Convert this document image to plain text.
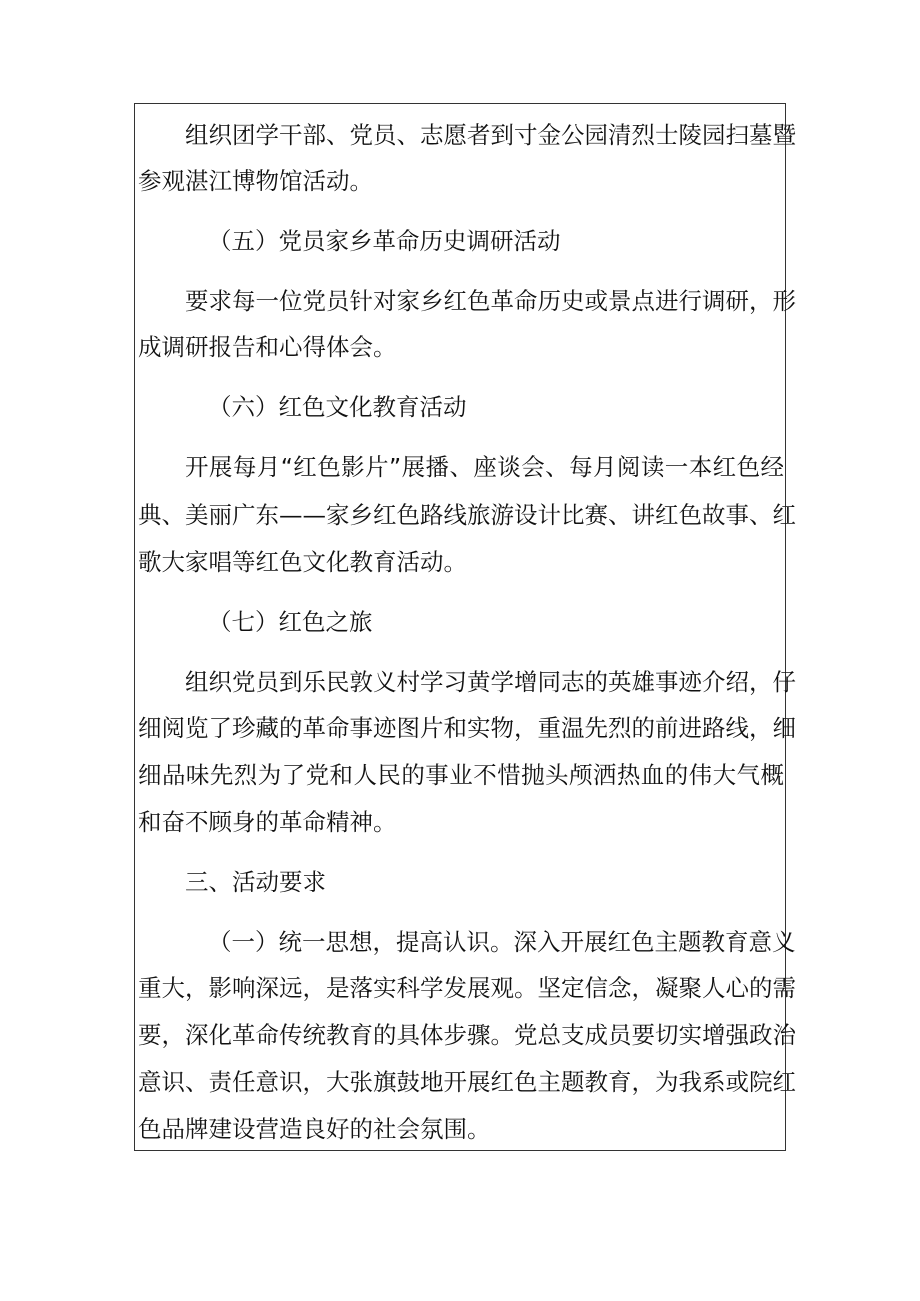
组织团学干部、党员、志愿者到寸金公园清烈士陵园扫墓暨
参观湛江博物馆活动。
（五）党员家乡革命历史调研活动
要求每一位党员针对家乡红色革命历史或景点进行调研，形
成调研报告和心得体会。
（六）红色文化教育活动
开展每月“红色影片”展播、座谈会、每月阅读一本红色经
典、美丽广东——家乡红色路线旅游设计比赛、讲红色故事、红
歌大家唱等红色文化教育活动。
（七）红色之旅
组织党员到乐民敦义村学习黄学增同志的英雄事迹介绍，仔
细阅览了珍藏的革命事迹图片和实物，重温先烈的前进路线，细
细品味先烈为了党和人民的事业不惜抛头颅洒热血的伟大气概
和奋不顾身的革命精神。
三、活动要求
（一）统一思想，提高认识。深入开展红色主题教育意义
重大，影响深远，是落实科学发展观。坚定信念，凝聚人心的需
要，深化革命传统教育的具体步骤。党总支成员要切实增强政治
意识、责任意识，大张旗鼓地开展红色主题教育，为我系或院红
色品牌建设营造良好的社会氛围。
